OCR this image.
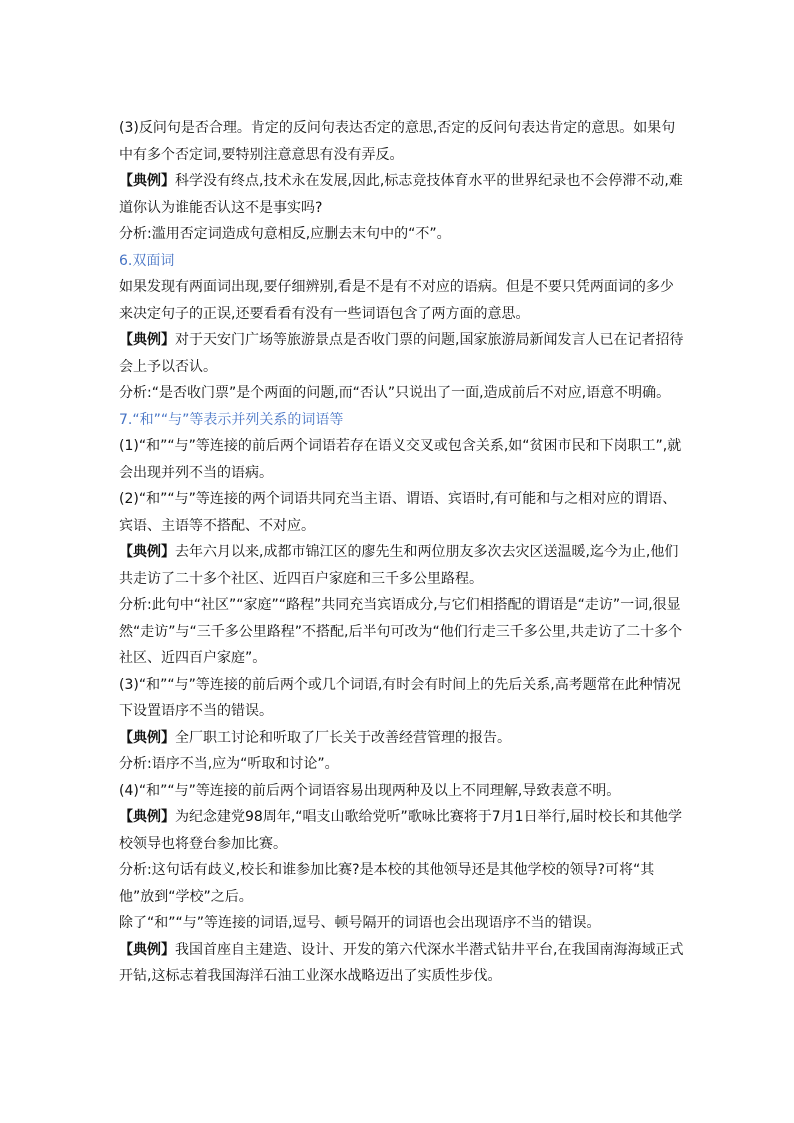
(3)反问句是否合理。肯定的反问句表达否定的意思,否定的反问句表达肯定的意思。如果句中有多个否定词,要特别注意意思有没有弄反。

【典例】科学没有终点,技术永在发展,因此,标志竞技体育水平的世界纪录也不会停滞不动,难道你认为谁能否认这不是事实吗?

分析:滥用否定词造成句意相反,应删去末句中的“不”。

6.双面词

如果发现有两面词出现,要仔细辨别,看是不是有不对应的语病。但是不要只凭两面词的多少来决定句子的正误,还要看看有没有一些词语包含了两方面的意思。

【典例】对于天安门广场等旅游景点是否收门票的问题,国家旅游局新闻发言人已在记者招待会上予以否认。

分析:“是否收门票”是个两面的问题,而“否认”只说出了一面,造成前后不对应,语意不明确。

7.“和”“与”等表示并列关系的词语等

(1)“和”“与”等连接的前后两个词语若存在语义交叉或包含关系,如“贫困市民和下岗职工”,就会出现并列不当的语病。

(2)“和”“与”等连接的两个词语共同充当主语、谓语、宾语时,有可能和与之相对应的谓语、宾语、主语等不搭配、不对应。

【典例】去年六月以来,成都市锦江区的廖先生和两位朋友多次去灾区送温暖,迄今为止,他们共走访了二十多个社区、近四百户家庭和三千多公里路程。

分析:此句中“社区”“家庭”“路程”共同充当宾语成分,与它们相搭配的谓语是“走访”一词,很显然“走访”与“三千多公里路程”不搭配,后半句可改为“他们行走三千多公里,共走访了二十多个社区、近四百户家庭”。

(3)“和”“与”等连接的前后两个或几个词语,有时会有时间上的先后关系,高考题常在此种情况下设置语序不当的错误。

【典例】全厂职工讨论和听取了厂长关于改善经营管理的报告。

分析:语序不当,应为“听取和讨论”。

(4)“和”“与”等连接的前后两个词语容易出现两种及以上不同理解,导致表意不明。

【典例】为纪念建党98周年,“唱支山歌给党听”歌咏比赛将于7月1日举行,届时校长和其他学校领导也将登台参加比赛。

分析:这句话有歧义,校长和谁参加比赛?是本校的其他领导还是其他学校的领导?可将“其他”放到“学校”之后。

除了“和”“与”等连接的词语,逗号、顿号隔开的词语也会出现语序不当的错误。

【典例】我国首座自主建造、设计、开发的第六代深水半潜式钻井平台,在我国南海海域正式开钻,这标志着我国海洋石油工业深水战略迈出了实质性步伐。
